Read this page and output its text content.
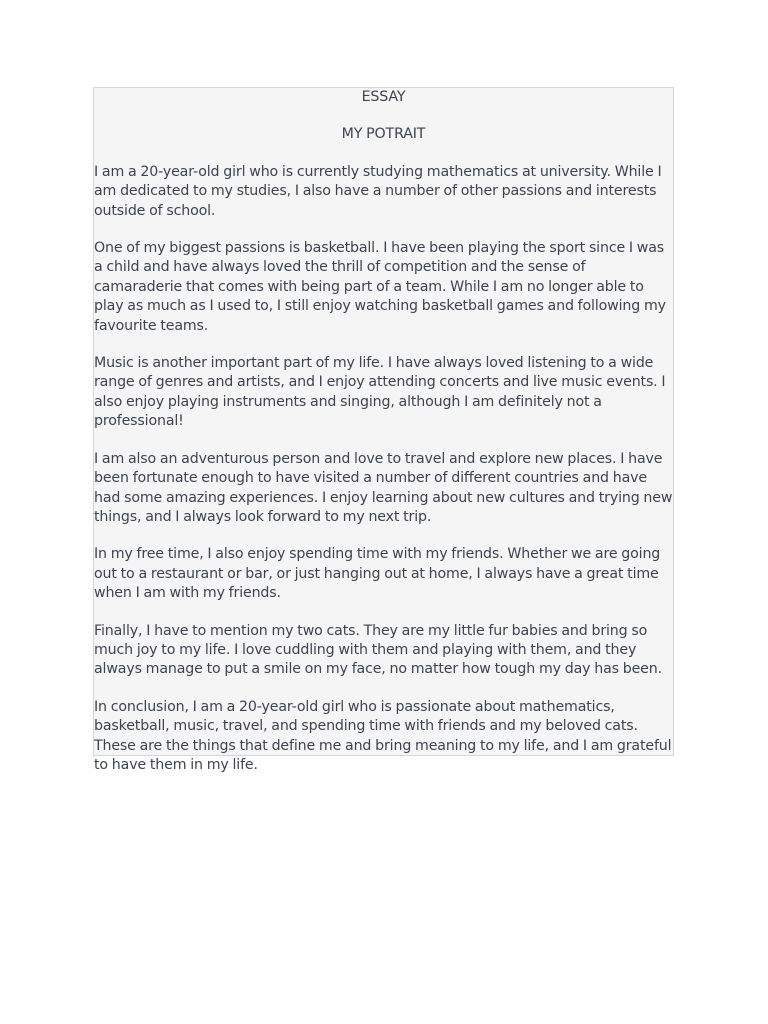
ESSAY

MY POTRAIT

I am a 20-year-old girl who is currently studying mathematics at university. While I am dedicated to my studies, I also have a number of other passions and interests outside of school.

One of my biggest passions is basketball. I have been playing the sport since I was a child and have always loved the thrill of competition and the sense of camaraderie that comes with being part of a team. While I am no longer able to play as much as I used to, I still enjoy watching basketball games and following my favourite teams.

Music is another important part of my life. I have always loved listening to a wide range of genres and artists, and I enjoy attending concerts and live music events. I also enjoy playing instruments and singing, although I am definitely not a professional!

I am also an adventurous person and love to travel and explore new places. I have been fortunate enough to have visited a number of different countries and have had some amazing experiences. I enjoy learning about new cultures and trying new things, and I always look forward to my next trip.

In my free time, I also enjoy spending time with my friends. Whether we are going out to a restaurant or bar, or just hanging out at home, I always have a great time when I am with my friends.

Finally, I have to mention my two cats. They are my little fur babies and bring so much joy to my life. I love cuddling with them and playing with them, and they always manage to put a smile on my face, no matter how tough my day has been.

In conclusion, I am a 20-year-old girl who is passionate about mathematics, basketball, music, travel, and spending time with friends and my beloved cats. These are the things that define me and bring meaning to my life, and I am grateful to have them in my life.
